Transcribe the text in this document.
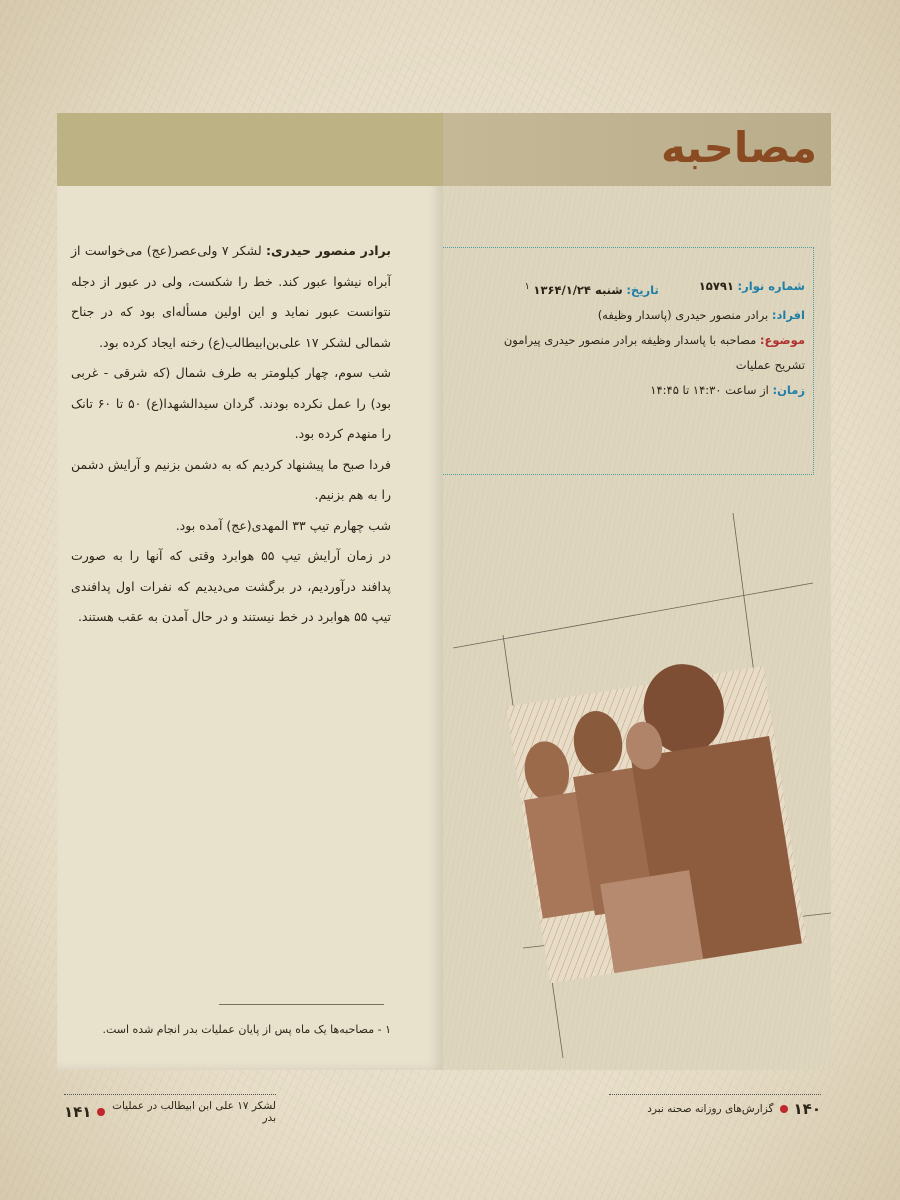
برادر منصور حیدری: لشکر ۷ ولی‌عصر(عج) می‌خواست از آبراه نیشوا عبور کند. خط را شکست، ولی در عبور از دجله نتوانست عبور نماید و این اولین مسأله‌ای بود که در جناح شمالی لشکر ۱۷ علی‌بن‌ابیطالب(ع) رخنه ایجاد کرده بود.

شب سوم، چهار کیلومتر به طرف شمال (که شرقی - غربی بود) را عمل نکرده بودند. گردان سیدالشهدا(ع) ۵۰ تا ۶۰ تانک را منهدم کرده بود.

فردا صبح ما پیشنهاد کردیم که به دشمن بزنیم و آرایش دشمن را به هم بزنیم.

شب چهارم تیپ ۳۳ المهدی(عج) آمده بود.

در زمان آرایش تیپ ۵۵ هوابرد وقتی که آنها را به صورت پدافند درآوردیم، در برگشت می‌دیدیم که نفرات اول پدافندی تیپ ۵۵ هوابرد در خط نیستند و در حال آمدن به عقب هستند.

۱ - مصاحبه‌ها یک ماه پس از پایان عملیات بدر انجام شده است.
مصاحبه
شماره نوار: ۱۵۷۹۱
تاریخ: شنبه ۱۳۶۴/۱/۲۴ $^۱$
افراد: برادر منصور حیدری (پاسدار وظیفه)
موضوع: مصاحبه با پاسدار وظیفه برادر منصور حیدری پیرامون تشریح عملیات
زمان: از ساعت ۱۴:۳۰ تا ۱۴:۴۵
لشکر ۱۷ علی ابن ابیطالب در عملیات بدر
۱۴۱	۱۴۰
گزارش‌های روزانه صحنه نبرد
